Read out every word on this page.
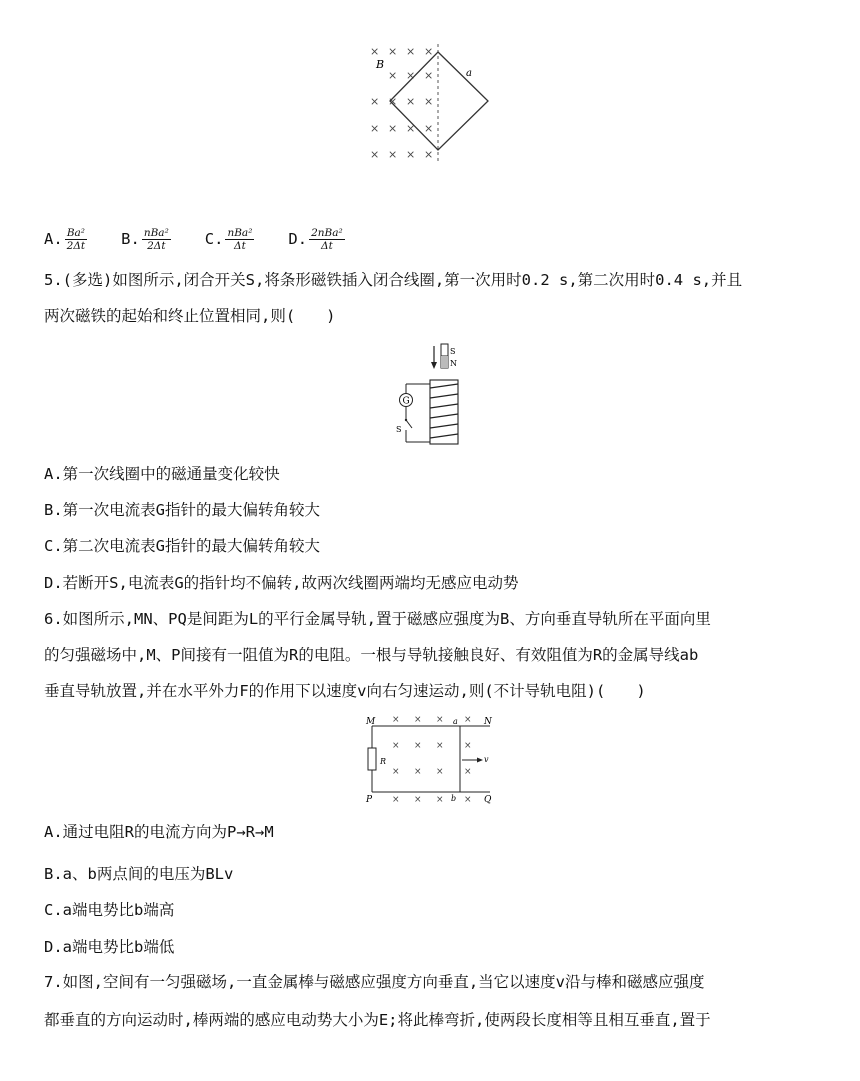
× × × ×
× × ×
× × × ×
× × × ×
× × × ×
B
a
A. $\frac{\text{Ba²}}{2\Delta t} B$. $\frac{\text{nBa²}}{2\Delta t} C$. $\frac{\text{nBa²}}{\Delta t} D$. $\frac{\text{2nBa²}}{\Delta t}$
5.(多选)如图所示,闭合开关S,将条形磁铁插入闭合线圈,第一次用时0.2 s,第二次用时0.4 s,并且
两次磁铁的起始和终止位置相同,则(　　)
S
N
G
S
A.第一次线圈中的磁通量变化较快
B.第一次电流表G指针的最大偏转角较大
C.第二次电流表G指针的最大偏转角较大
D.若断开S,电流表G的指针均不偏转,故两次线圈两端均无感应电动势
6.如图所示,MN、PQ是间距为L的平行金属导轨,置于磁感应强度为B、方向垂直导轨所在平面向里
的匀强磁场中,M、P间接有一阻值为R的电阻。一根与导轨接触良好、有效阻值为R的金属导线ab
垂直导轨放置,并在水平外力F的作用下以速度v向右匀速运动,则(不计导轨电阻)(　　)
v
M	N
P	Q
R
a
b
× × × ×
× × × ×
× × × ×
× × × ×
A.通过电阻R的电流方向为P→R→M
B.a、b两点间的电压为BLv
C.a端电势比b端高
D.a端电势比b端低
7.如图,空间有一匀强磁场,一直金属棒与磁感应强度方向垂直,当它以速度v沿与棒和磁感应强度
都垂直的方向运动时,棒两端的感应电动势大小为E;将此棒弯折,使两段长度相等且相互垂直,置于
